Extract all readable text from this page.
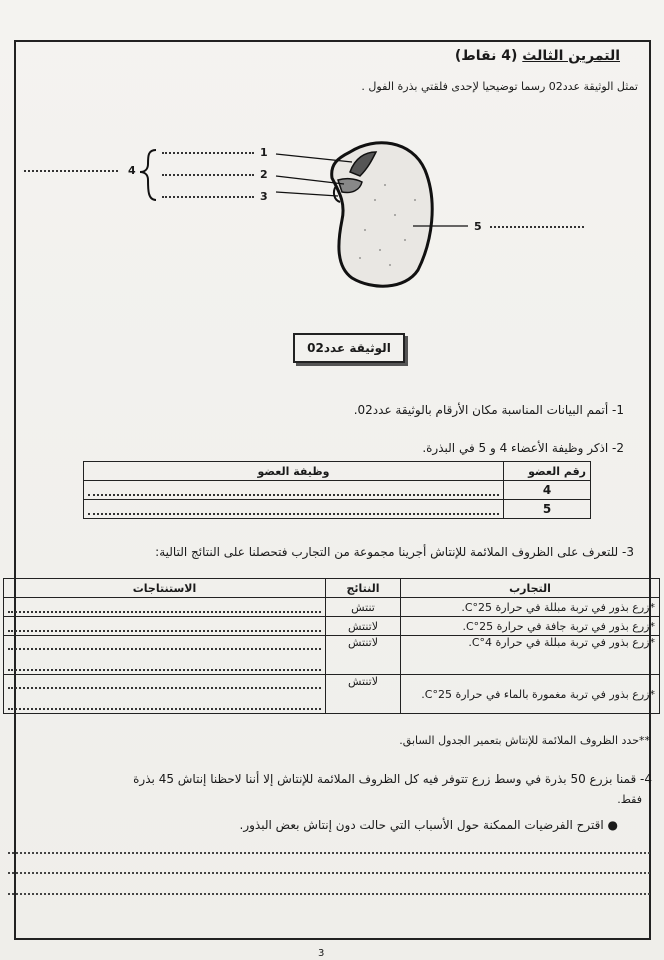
التمرين الثالث (4 نقاط)
تمثل الوثيقة عدد02 رسما توضيحيا لإحدى فلقتي بذرة الفول .
1
2
3
4
5
الوثيقة عدد02
1- أتمم البيانات المناسبة مكان الأرقام بالوثيقة عدد02.
2- اذكر وظيفة الأعضاء 4 و 5 في البذرة.
رقم العضو	وظيفة العضو
4	

5	
3- للتعرف على الظروف الملائمة للإنتاش أجرينا مجموعة من التجارب فتحصلنا على النتائج التالية:
التجارب	النتائج	الاستنتاجات
*زرع بذور في تربة مبللة في حرارة 25°C.	تنتش	

*زرع بذور في تربة جافة في حرارة 25°C.	لاتنتش	

*زرع بذور في تربة مبللة في حرارة 4°C.	لاتنتش	

*زرع بذور في تربة مغمورة بالماء في حرارة 25°C.	لاتنتش	
**حدد الظروف الملائمة للإنتاش بتعمير الجدول السابق.
4- قمنا بزرع 50 بذرة في وسط زرع تتوفر فيه كل الظروف الملائمة للإنتاش إلا أننا لاحظنا إنتاش 45 بذرة
فقط.
● اقترح الفرضيات الممكنة حول الأسباب التي حالت دون إنتاش بعض البذور.
3
